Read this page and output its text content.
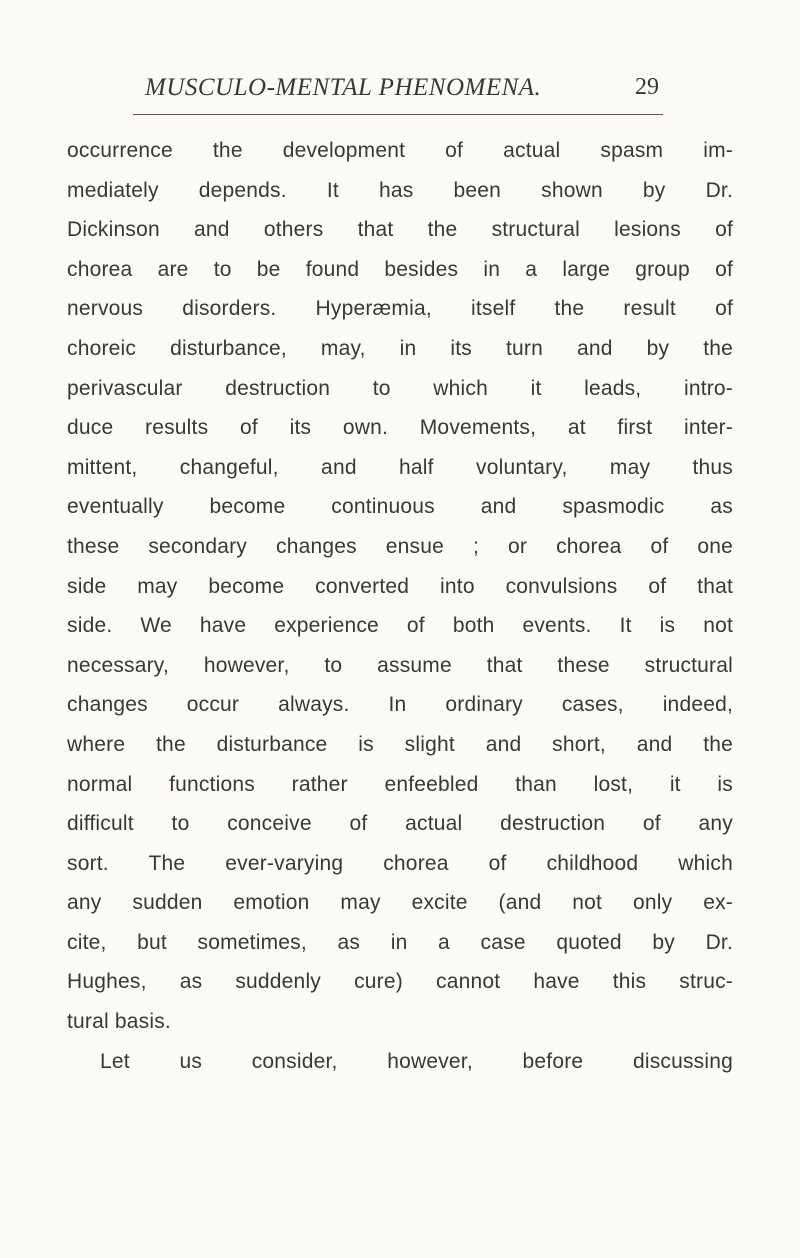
MUSCULO-MENTAL PHENOMENA.	29
occurrence the development of actual spasm im-
mediately depends. It has been shown by Dr.
Dickinson and others that the structural lesions of
chorea are to be found besides in a large group of
nervous disorders. Hyperæmia, itself the result of
choreic disturbance, may, in its turn and by the
perivascular destruction to which it leads, intro-
duce results of its own. Movements, at first inter-
mittent, changeful, and half voluntary, may thus
eventually become continuous and spasmodic as
these secondary changes ensue ; or chorea of one
side may become converted into convulsions of that
side. We have experience of both events. It is not
necessary, however, to assume that these structural
changes occur always. In ordinary cases, indeed,
where the disturbance is slight and short, and the
normal functions rather enfeebled than lost, it is
difficult to conceive of actual destruction of any
sort. The ever-varying chorea of childhood which
any sudden emotion may excite (and not only ex-
cite, but sometimes, as in a case quoted by Dr.
Hughes, as suddenly cure) cannot have this struc-
tural basis.
Let us consider, however, before discussing
